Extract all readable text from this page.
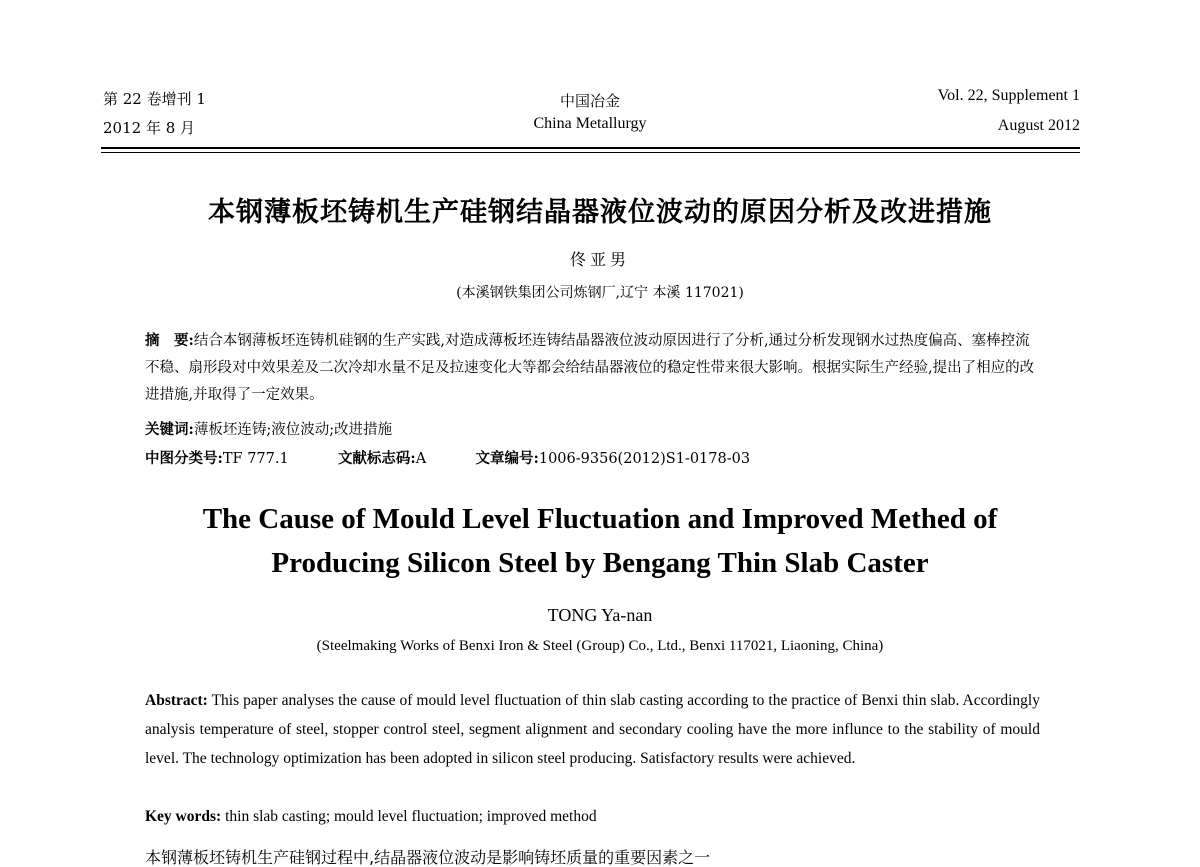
第 22 卷增刊 1
2012 年 8 月
中国冶金
China Metallurgy
Vol. 22, Supplement 1
August 2012
本钢薄板坯铸机生产硅钢结晶器液位波动的原因分析及改进措施
佟亚男
(本溪钢铁集团公司炼钢厂,辽宁 本溪 117021)
摘　要:结合本钢薄板坯连铸机硅钢的生产实践,对造成薄板坯连铸结晶器液位波动原因进行了分析,通过分析发现钢水过热度偏高、塞棒控流不稳、扇形段对中效果差及二次冷却水量不足及拉速变化大等都会给结晶器液位的稳定性带来很大影响。根据实际生产经验,提出了相应的改进措施,并取得了一定效果。
关键词:薄板坯连铸;液位波动;改进措施
中图分类号:TF 777.1	文献标志码:A	文章编号:1006-9356(2012)S1-0178-03
The Cause of Mould Level Fluctuation and Improved Methed of
Producing Silicon Steel by Bengang Thin Slab Caster
TONG Ya-nan
(Steelmaking Works of Benxi Iron & Steel (Group) Co., Ltd., Benxi 117021, Liaoning, China)
Abstract: This paper analyses the cause of mould level fluctuation of thin slab casting according to the practice of Benxi thin slab. Accordingly analysis temperature of steel, stopper control steel, segment alignment and secondary cooling have the more influnce to the stability of mould level. The technology optimization has been adopted in silicon steel producing. Satisfactory results were achieved.
Key words: thin slab casting; mould level fluctuation; improved method
本钢薄板坯铸机生产硅钢过程中,结晶器液位波动是影响铸坯质量的重要因素之一
